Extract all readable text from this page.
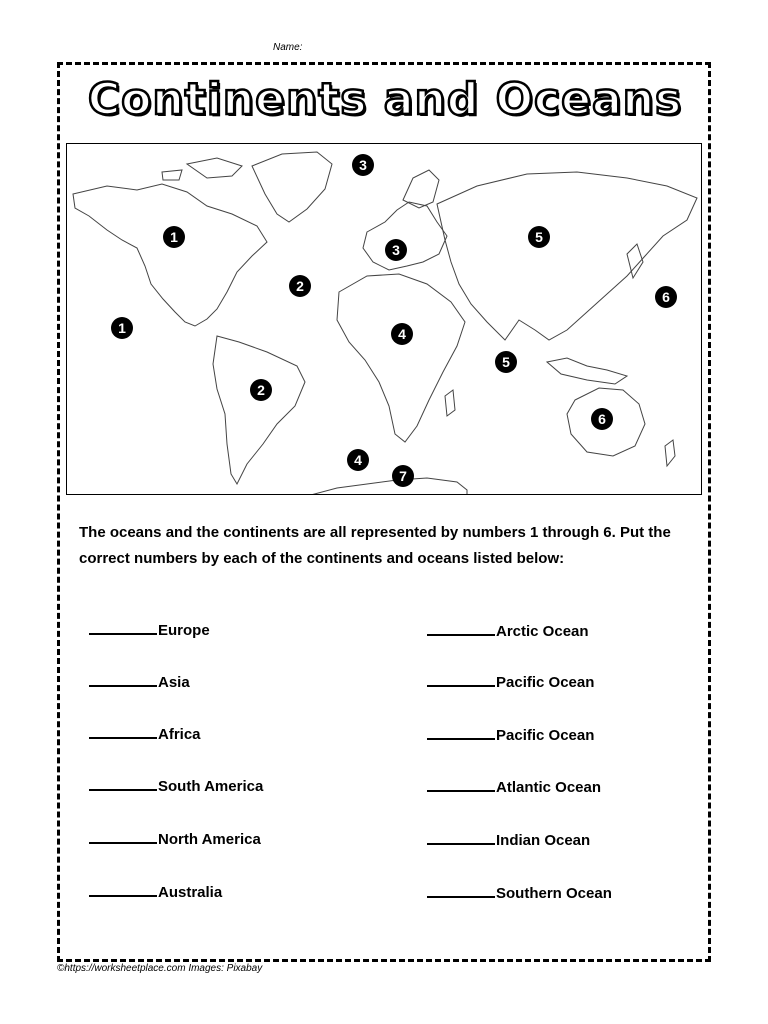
Name:
Continents and Oceans
1
1
2
2
3
3
4
4
5
5
6
6
7
The oceans and the continents are all represented by numbers 1 through 6. Put the correct numbers by each of the continents and oceans listed below:
Europe
Asia
Africa
South America
North America
Australia
Arctic Ocean
Pacific Ocean
Pacific Ocean
Atlantic Ocean
Indian Ocean
Southern Ocean
©https://worksheetplace.com Images: Pixabay
